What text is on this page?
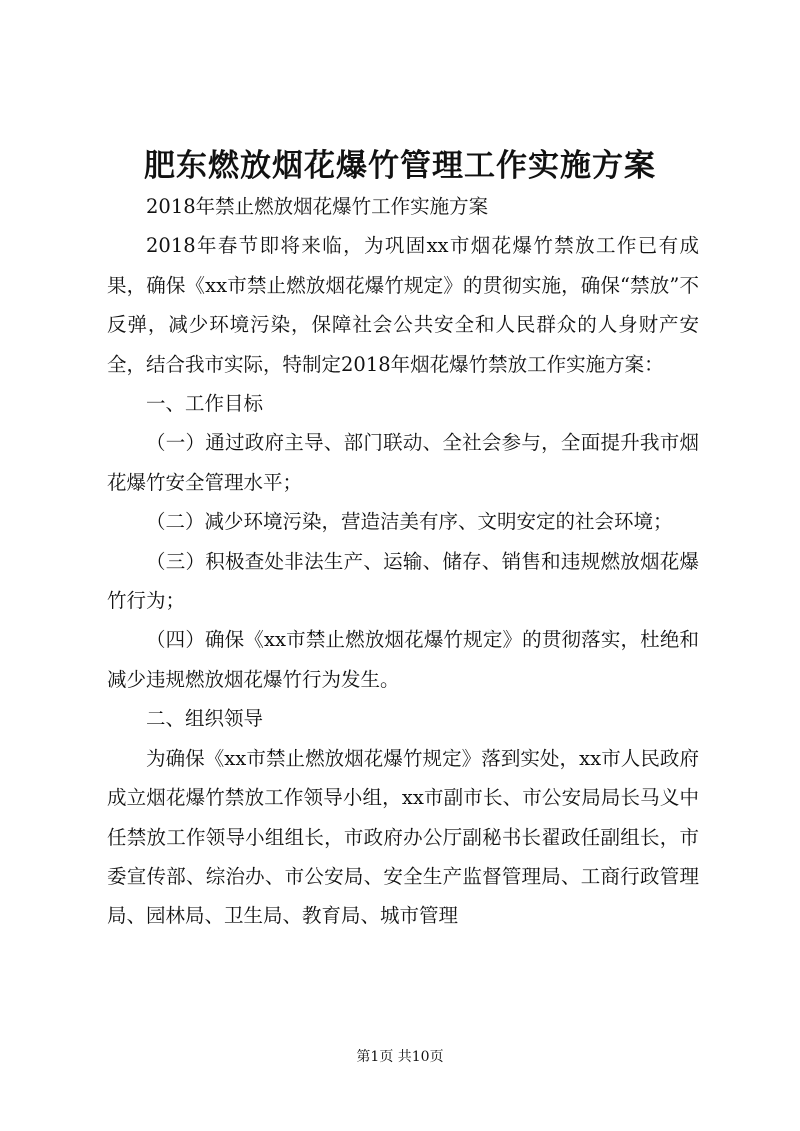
肥东燃放烟花爆竹管理工作实施方案

2018年禁止燃放烟花爆竹工作实施方案

2018年春节即将来临，为巩固xx市烟花爆竹禁放工作已有成果，确保《xx市禁止燃放烟花爆竹规定》的贯彻实施，确保“禁放”不反弹，减少环境污染，保障社会公共安全和人民群众的人身财产安全，结合我市实际，特制定2018年烟花爆竹禁放工作实施方案：

一、工作目标

（一）通过政府主导、部门联动、全社会参与，全面提升我市烟花爆竹安全管理水平；

（二）减少环境污染，营造洁美有序、文明安定的社会环境；

（三）积极查处非法生产、运输、储存、销售和违规燃放烟花爆竹行为；

（四）确保《xx市禁止燃放烟花爆竹规定》的贯彻落实，杜绝和减少违规燃放烟花爆竹行为发生。

二、组织领导

为确保《xx市禁止燃放烟花爆竹规定》落到实处，xx市人民政府成立烟花爆竹禁放工作领导小组，xx市副市长、市公安局局长马义中任禁放工作领导小组组长，市政府办公厅副秘书长翟政任副组长，市委宣传部、综治办、市公安局、安全生产监督管理局、工商行政管理局、园林局、卫生局、教育局、城市管理

第1页 共10页
